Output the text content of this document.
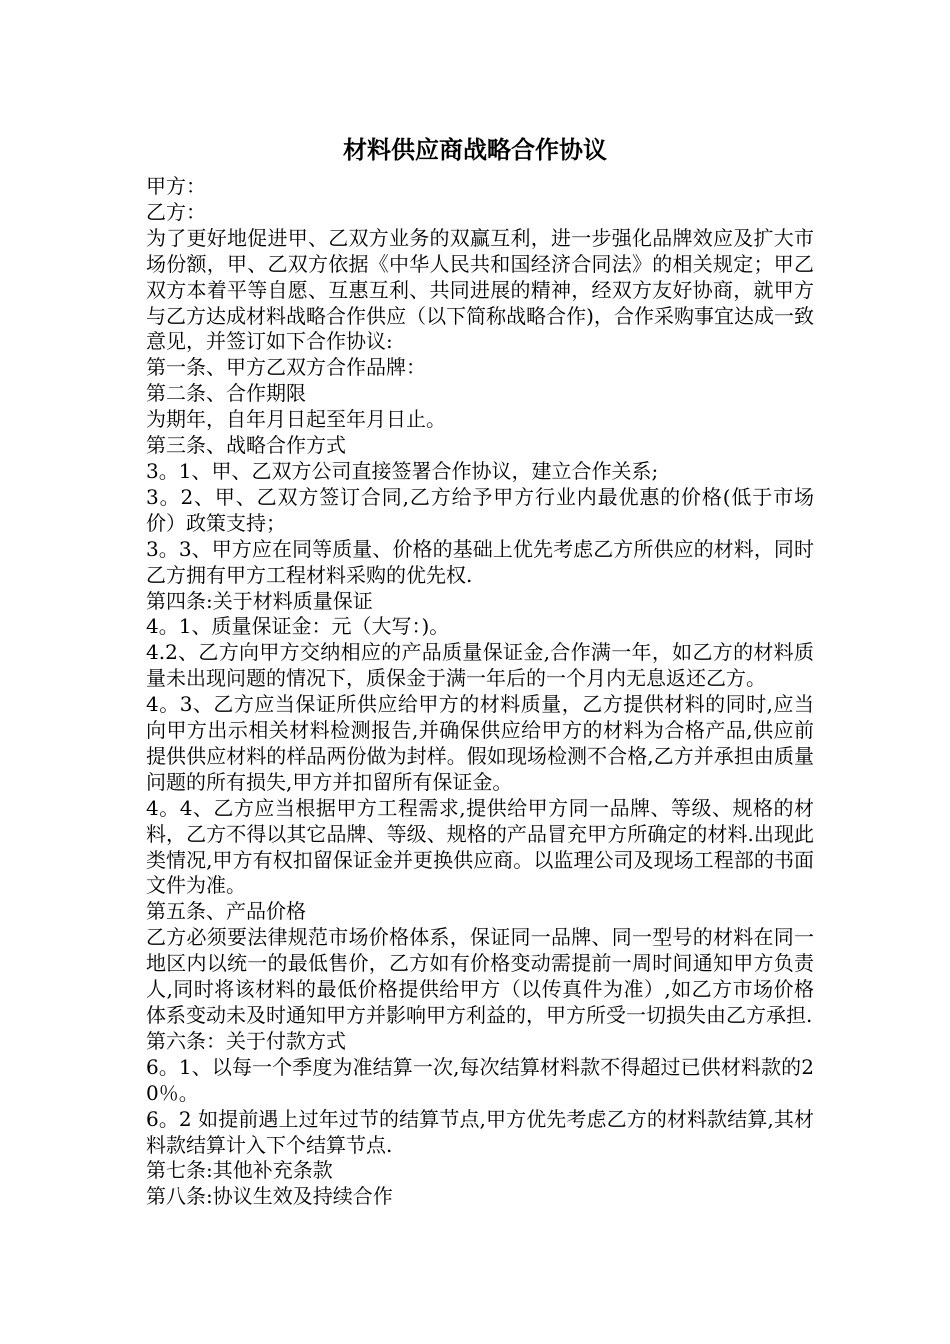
材料供应商战略合作协议

甲方：

乙方：

为了更好地促进甲、乙双方业务的双赢互利，进一步强化品牌效应及扩大市场份额，甲、乙双方依据《中华人民共和国经济合同法》的相关规定；甲乙双方本着平等自愿、互惠互利、共同进展的精神，经双方友好协商，就甲方与乙方达成材料战略合作供应（以下简称战略合作)，合作采购事宜达成一致意见，并签订如下合作协议:

第一条、甲方乙双方合作品牌：

第二条、合作期限

为期年，自年月日起至年月日止。

第三条、战略合作方式

3。1、甲、乙双方公司直接签署合作协议，建立合作关系;

3。2、甲、乙双方签订合同,乙方给予甲方行业内最优惠的价格(低于市场价）政策支持；

3。3、甲方应在同等质量、价格的基础上优先考虑乙方所供应的材料，同时乙方拥有甲方工程材料采购的优先权.

第四条:关于材料质量保证

4。1、质量保证金：元（大写：)。

4.2、乙方向甲方交纳相应的产品质量保证金,合作满一年，如乙方的材料质量未出现问题的情况下，质保金于满一年后的一个月内无息返还乙方。

4。3、乙方应当保证所供应给甲方的材料质量，乙方提供材料的同时,应当向甲方出示相关材料检测报告,并确保供应给甲方的材料为合格产品,供应前提供供应材料的样品两份做为封样。假如现场检测不合格,乙方并承担由质量问题的所有损失,甲方并扣留所有保证金。

4。4、乙方应当根据甲方工程需求,提供给甲方同一品牌、等级、规格的材料，乙方不得以其它品牌、等级、规格的产品冒充甲方所确定的材料.出现此类情况,甲方有权扣留保证金并更换供应商。以监理公司及现场工程部的书面文件为准。

第五条、产品价格

乙方必须要法律规范市场价格体系，保证同一品牌、同一型号的材料在同一地区内以统一的最低售价，乙方如有价格变动需提前一周时间通知甲方负责人,同时将该材料的最低价格提供给甲方（以传真件为准）,如乙方市场价格体系变动未及时通知甲方并影响甲方利益的，甲方所受一切损失由乙方承担.

第六条：关于付款方式

6。1、以每一个季度为准结算一次,每次结算材料款不得超过已供材料款的20％。

6。2 如提前遇上过年过节的结算节点,甲方优先考虑乙方的材料款结算,其材料款结算计入下个结算节点.

第七条:其他补充条款

第八条:协议生效及持续合作
